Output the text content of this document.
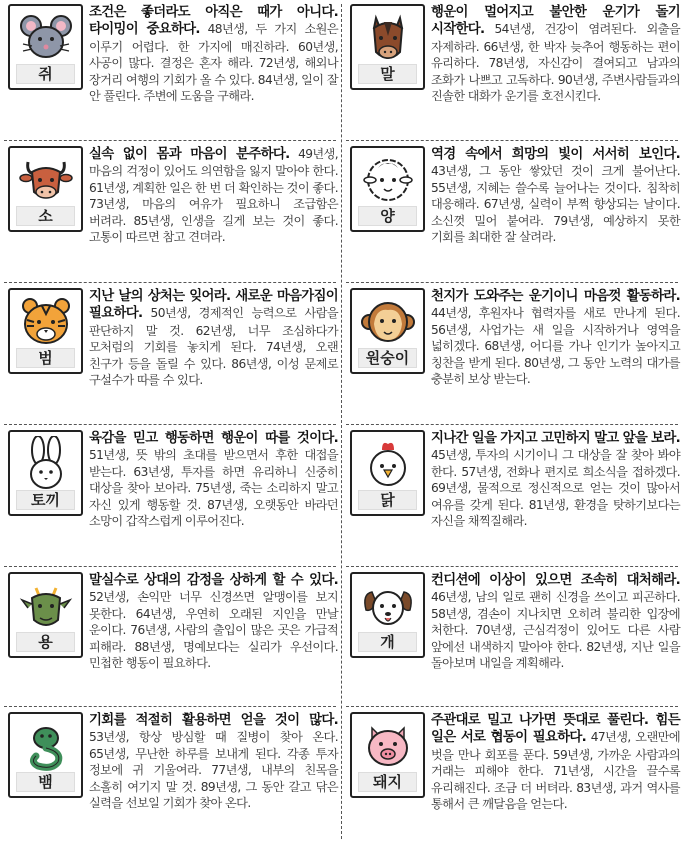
쥐
조건은 좋더라도 아직은 때가 아니다. 타이밍이 중요하다. 48년생, 두 가지 소원은 이루기 어렵다. 한 가지에 매진하라. 60년생, 사공이 많다. 결정은 혼자 해라. 72년생, 해외나 장거리 여행의 기회가 올 수 있다. 84년생, 일이 잘 안 풀린다. 주변에 도움을 구해라.
말
행운이 멀어지고 불안한 운기가 돌기 시작한다. 54년생, 건강이 염려된다. 외출을 자제하라. 66년생, 한 박자 늦추어 행동하는 편이 유리하다. 78년생, 자신감이 결여되고 남과의 조화가 나쁘고 고독하다. 90년생, 주변사람들과의 진솔한 대화가 운기를 호전시킨다.
소
실속 없이 몸과 마음이 분주하다. 49년생, 마음의 걱정이 있어도 의연함을 잃지 말아야 한다. 61년생, 계획한 일은 한 번 더 확인하는 것이 좋다. 73년생, 마음의 여유가 필요하니 조급함은 버려라. 85년생, 인생을 길게 보는 것이 좋다. 고통이 따르면 참고 견뎌라.
양
역경 속에서 희망의 빛이 서서히 보인다. 43년생, 그 동안 쌓았던 것이 크게 불어난다. 55년생, 지혜는 쓸수록 늘어나는 것이다. 침착히 대응해라. 67년생, 실력이 부쩍 향상되는 날이다. 소신껏 밀어 붙여라. 79년생, 예상하지 못한 기회를 최대한 잘 살려라.
범
지난 날의 상처는 잊어라. 새로운 마음가짐이 필요하다. 50년생, 경제적인 능력으로 사람을 판단하지 말 것. 62년생, 너무 조심하다가 모처럼의 기회를 놓치게 된다. 74년생, 오랜 친구가 등을 돌릴 수 있다. 86년생, 이성 문제로 구설수가 따를 수 있다.
원숭이
천지가 도와주는 운기이니 마음껏 활동하라. 44년생, 후원자나 협력자를 새로 만나게 된다. 56년생, 사업가는 새 일을 시작하거나 영역을 넓히겠다. 68년생, 어디를 가나 인기가 높아지고 칭찬을 받게 된다. 80년생, 그 동안 노력의 대가를 충분히 보상 받는다.
토끼
육감을 믿고 행동하면 행운이 따를 것이다. 51년생, 뜻 밖의 초대를 받으면서 후한 대접을 받는다. 63년생, 투자를 하면 유리하니 신중히 대상을 찾아 보아라. 75년생, 죽는 소리하지 말고 자신 있게 행동할 것. 87년생, 오랫동안 바라던 소망이 갑작스럽게 이루어진다.
닭
지나간 일을 가지고 고민하지 말고 앞을 보라. 45년생, 투자의 시기이니 그 대상을 잘 찾아 봐야 한다. 57년생, 전화나 편지로 희소식을 접하겠다. 69년생, 물적으로 정신적으로 얻는 것이 많아서 여유를 갖게 된다. 81년생, 환경을 탓하기보다는 자신을 채찍질해라.
용
말실수로 상대의 감정을 상하게 할 수 있다. 52년생, 손익만 너무 신경쓰면 알맹이를 보지 못한다. 64년생, 우연히 오래된 지인을 만날 운이다. 76년생, 사람의 출입이 많은 곳은 가급적 피해라. 88년생, 명예보다는 실리가 우선이다. 민첩한 행동이 필요하다.
개
컨디션에 이상이 있으면 조속히 대처해라. 46년생, 남의 일로 괜히 신경을 쓰이고 피곤하다. 58년생, 겸손이 지나치면 오히려 불리한 입장에 처한다. 70년생, 근심걱정이 있어도 다른 사람 앞에선 내색하지 말아야 한다. 82년생, 지난 일을 돌아보며 내일을 계획해라.
뱀
기회를 적절히 활용하면 얻을 것이 많다. 53년생, 항상 방심할 때 질병이 찾아 온다. 65년생, 무난한 하루를 보내게 된다. 각종 투자 정보에 귀 기울여라. 77년생, 내부의 친목을 소홀히 여기지 말 것. 89년생, 그 동안 갈고 닦은 실력을 선보일 기회가 찾아 온다.
돼지
주관대로 밀고 나가면 뜻대로 풀린다. 힘든 일은 서로 협동이 필요하다. 47년생, 오랜만에 벗을 만나 회포를 푼다. 59년생, 가까운 사람과의 거래는 피해야 한다. 71년생, 시간을 끌수록 유리해진다. 조금 더 버텨라. 83년생, 과거 역사를 통해서 큰 깨달음을 얻는다.
